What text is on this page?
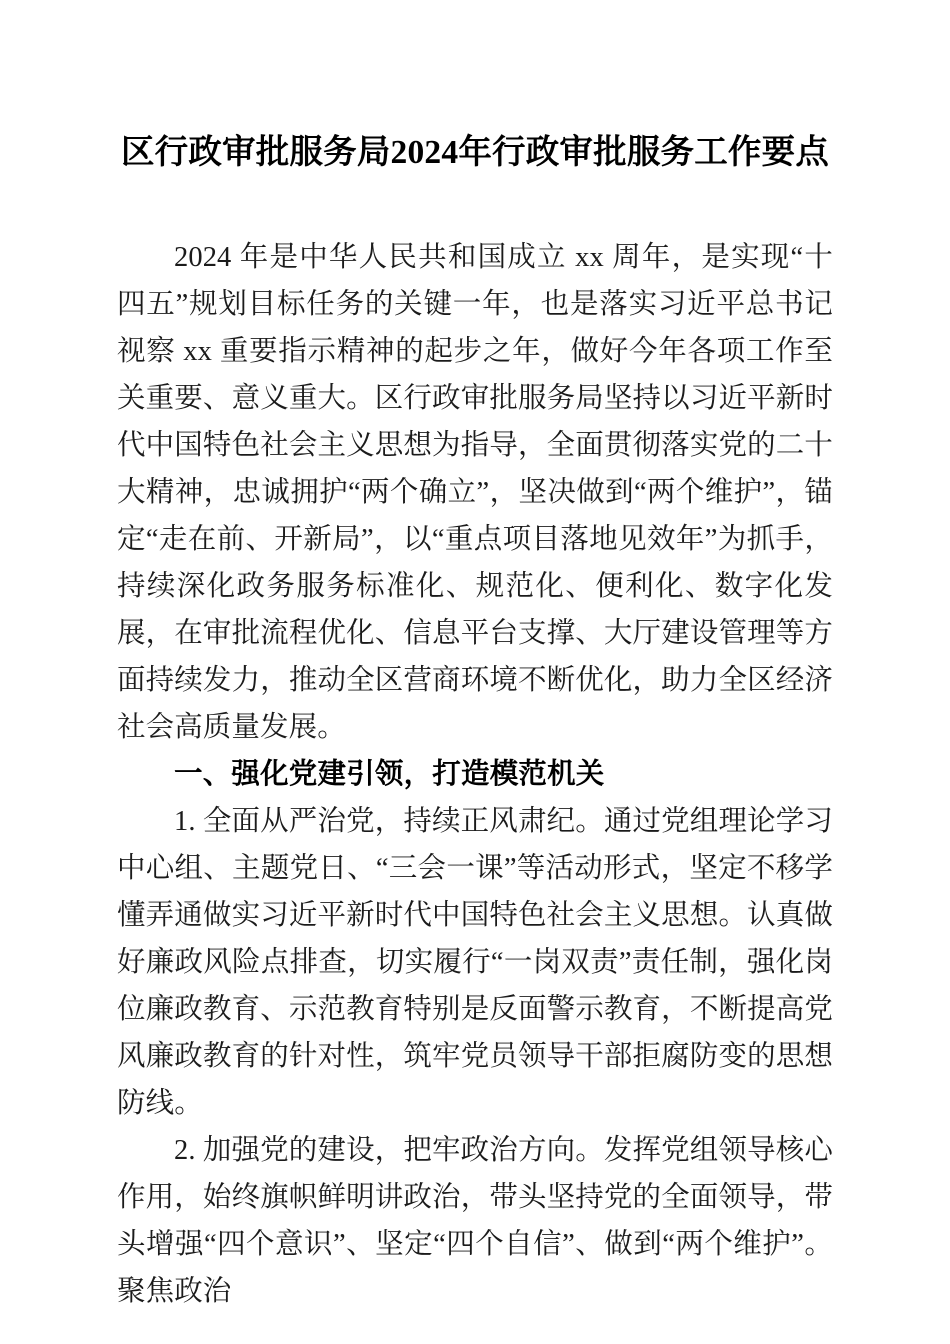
区行政审批服务局2024年行政审批服务工作要点

2024 年是中华人民共和国成立 xx 周年，是实现“十四五”规划目标任务的关键一年，也是落实习近平总书记视察 xx 重要指示精神的起步之年，做好今年各项工作至关重要、意义重大。区行政审批服务局坚持以习近平新时代中国特色社会主义思想为指导，全面贯彻落实党的二十大精神，忠诚拥护“两个确立”，坚决做到“两个维护”，锚定“走在前、开新局”，以“重点项目落地见效年”为抓手，持续深化政务服务标准化、规范化、便利化、数字化发展，在审批流程优化、信息平台支撑、大厅建设管理等方面持续发力，推动全区营商环境不断优化，助力全区经济社会高质量发展。

一、强化党建引领，打造模范机关

1. 全面从严治党，持续正风肃纪。通过党组理论学习中心组、主题党日、“三会一课”等活动形式，坚定不移学懂弄通做实习近平新时代中国特色社会主义思想。认真做好廉政风险点排查，切实履行“一岗双责”责任制，强化岗位廉政教育、示范教育特别是反面警示教育，不断提高党风廉政教育的针对性，筑牢党员领导干部拒腐防变的思想防线。

2. 加强党的建设，把牢政治方向。发挥党组领导核心作用，始终旗帜鲜明讲政治，带头坚持党的全面领导，带头增强“四个意识”、坚定“四个自信”、做到“两个维护”。聚焦政治
